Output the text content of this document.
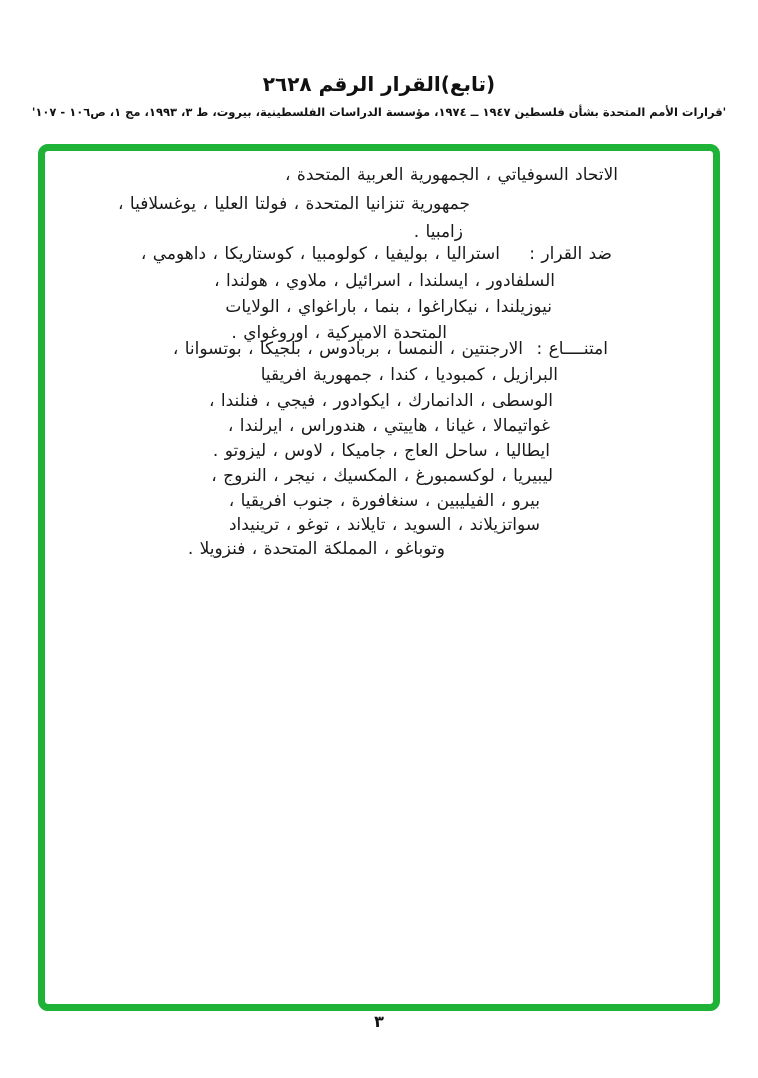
(تابع)القرار الرقم ٢٦٢٨
'قرارات الأمم المتحدة بشأن فلسطين ١٩٤٧ ــ ١٩٧٤، مؤسسة الدراسات الفلسطينية، بيروت، ط ٣، ١٩٩٣، مج ١، ص١٠٦ - ١٠٧'
الاتحاد السوفياتي ، الجمهورية العربية المتحدة ،
جمهورية تنزانيا المتحدة ، فولتا العليا ، يوغسلافيا ،
زامبيا .
ضد القرار :
استراليا ، بوليفيا ، كولومبيا ، كوستاريكا ، داهومي ،
السلفادور ، ايسلندا ، اسرائيل ، ملاوي ، هولندا ،
نيوزيلندا ، نيكاراغوا ، بنما ، باراغواي ، الولايات
المتحدة الاميركية ، اوروغواي .
امتنــــاع :
الارجنتين ، النمسا ، بربادوس ، بلجيكا ، بوتسوانا ،
البرازيل ، كمبوديا ، كندا ، جمهورية افريقيا
الوسطى ، الدانمارك ، ايكوادور ، فيجي ، فنلندا ،
غواتيمالا ، غيانا ، هاييتي ، هندوراس ، ايرلندا ،
ايطاليا ، ساحل العاج ، جاميكا ، لاوس ، ليزوتو .
ليبيريا ، لوكسمبورغ ، المكسيك ، نيجر ، النروج ،
بيرو ، الفيليبين ، سنغافورة ، جنوب افريقيا ،
سواتزيلاند ، السويد ، تايلاند ، توغو ، ترينيداد
وتوباغو ، المملكة المتحدة ، فنزويلا .
٣
